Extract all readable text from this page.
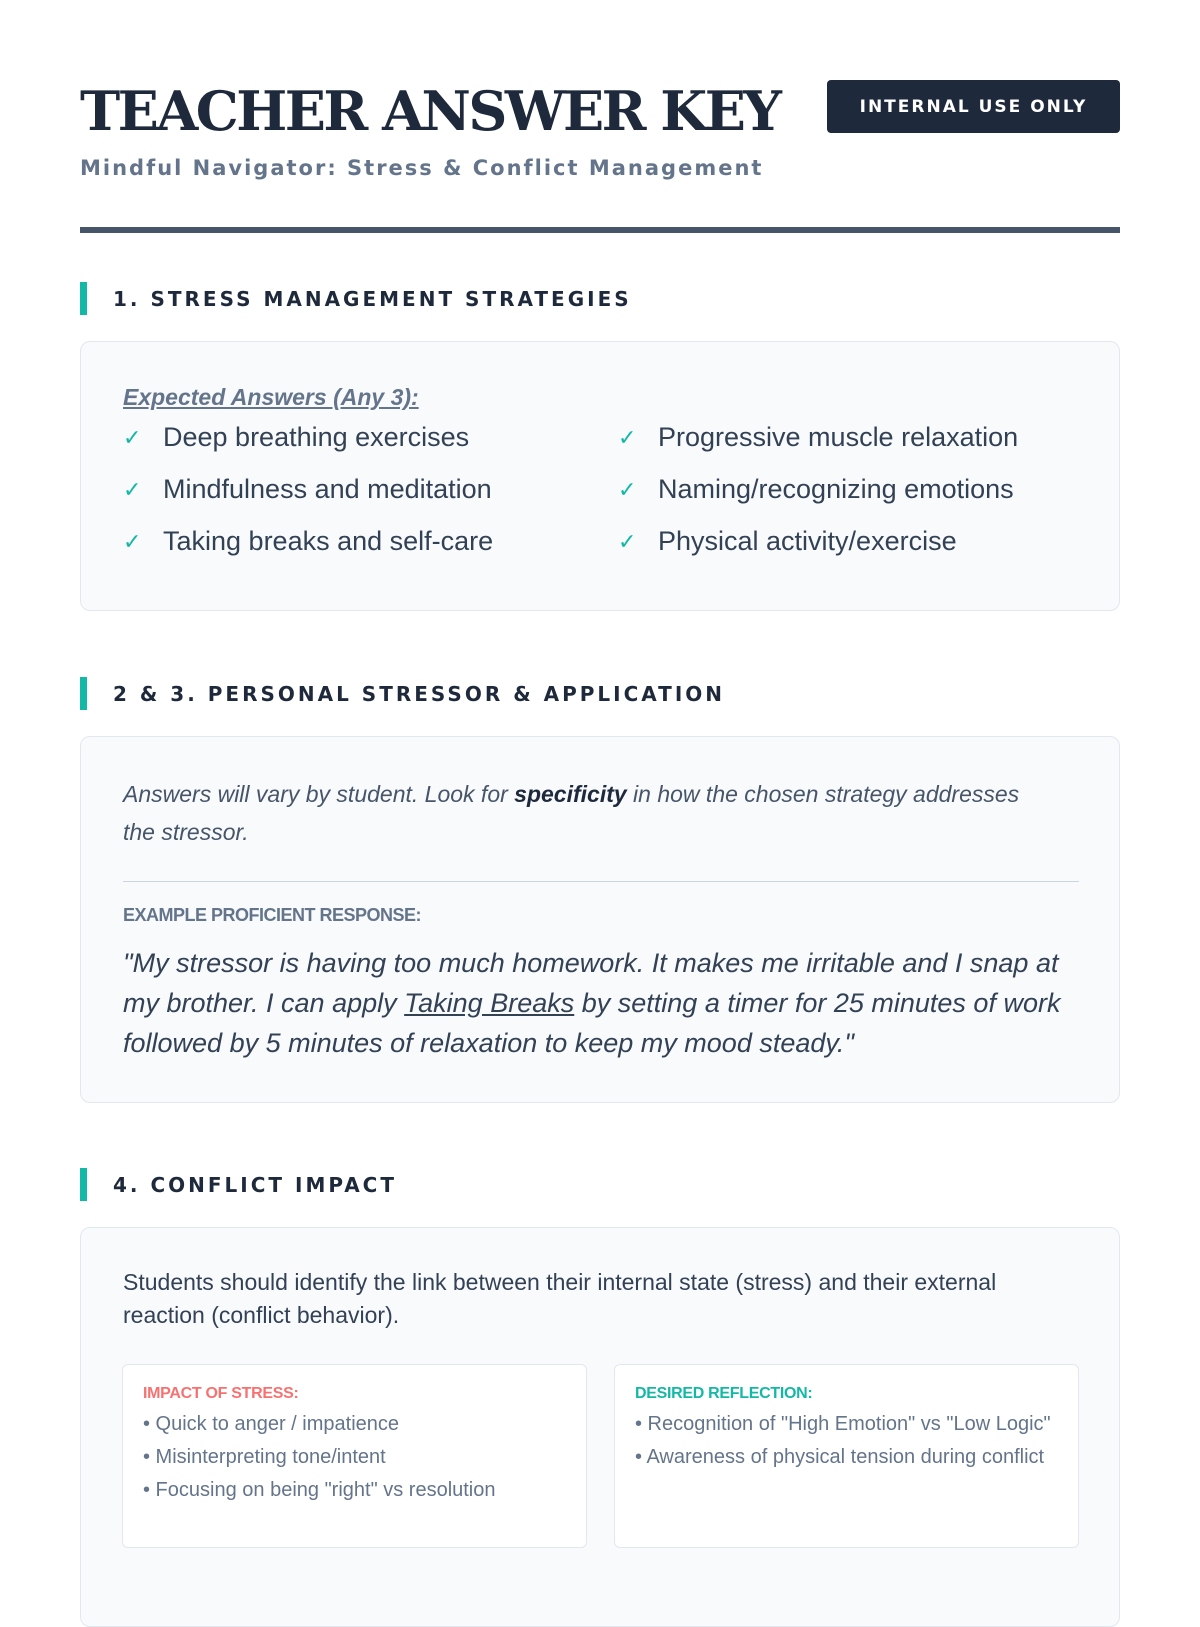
TEACHER ANSWER KEY
Mindful Navigator: Stress & Conflict Management
INTERNAL USE ONLY
1. STRESS MANAGEMENT STRATEGIES
Expected Answers (Any 3):
✓ Deep breathing exercises	✓ Progressive muscle relaxation
✓ Mindfulness and meditation	✓ Naming/recognizing emotions
✓ Taking breaks and self-care	✓ Physical activity/exercise
2 & 3. PERSONAL STRESSOR & APPLICATION
Answers will vary by student. Look for specificity in how the chosen strategy addresses the stressor.
EXAMPLE PROFICIENT RESPONSE:
"My stressor is having too much homework. It makes me irritable and I snap at my brother. I can apply Taking Breaks by setting a timer for 25 minutes of work followed by 5 minutes of relaxation to keep my mood steady."
4. CONFLICT IMPACT
Students should identify the link between their internal state (stress) and their external reaction (conflict behavior).
IMPACT OF STRESS:
• Quick to anger / impatience
• Misinterpreting tone/intent
• Focusing on being "right" vs resolution
DESIRED REFLECTION:
• Recognition of "High Emotion" vs "Low Logic"
• Awareness of physical tension during conflict
